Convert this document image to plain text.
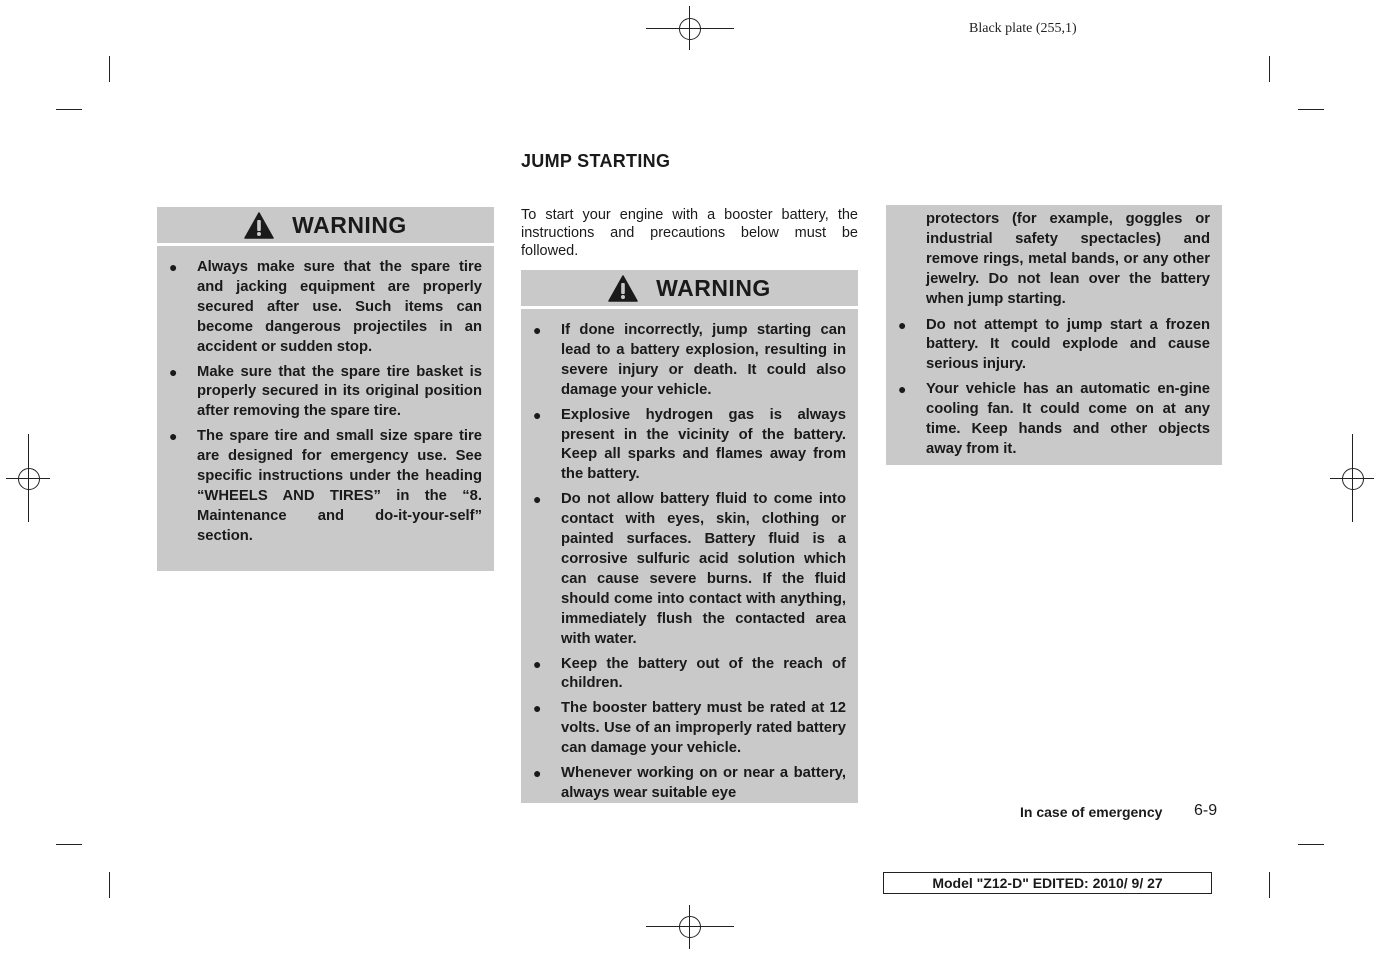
Black plate (255,1)
WARNING
● Always make sure that the spare tire and jacking equipment are properly secured after use. Such items can become dangerous projectiles in an accident or sudden stop.
● Make sure that the spare tire basket is properly secured in its original position after removing the spare tire.
● The spare tire and small size spare tire are designed for emergency use. See specific instructions under the heading “WHEELS AND TIRES” in the “8. Maintenance and do-it-your-self” section.
JUMP STARTING
To start your engine with a booster battery, the instructions and precautions below must be followed.
WARNING
● If done incorrectly, jump starting can lead to a battery explosion, resulting in severe injury or death. It could also damage your vehicle.
● Explosive hydrogen gas is always present in the vicinity of the battery. Keep all sparks and flames away from the battery.
● Do not allow battery fluid to come into contact with eyes, skin, clothing or painted surfaces. Battery fluid is a corrosive sulfuric acid solution which can cause severe burns. If the fluid should come into contact with anything, immediately flush the contacted area with water.
● Keep the battery out of the reach of children.
● The booster battery must be rated at 12 volts. Use of an improperly rated battery can damage your vehicle.
● Whenever working on or near a battery, always wear suitable eye
protectors (for example, goggles or industrial safety spectacles) and remove rings, metal bands, or any other jewelry. Do not lean over the battery when jump starting.
● Do not attempt to jump start a frozen battery. It could explode and cause serious injury.
● Your vehicle has an automatic en-gine cooling fan. It could come on at any time. Keep hands and other objects away from it.
In case of emergency 6-9
Model "Z12-D" EDITED: 2010/ 9/ 27
